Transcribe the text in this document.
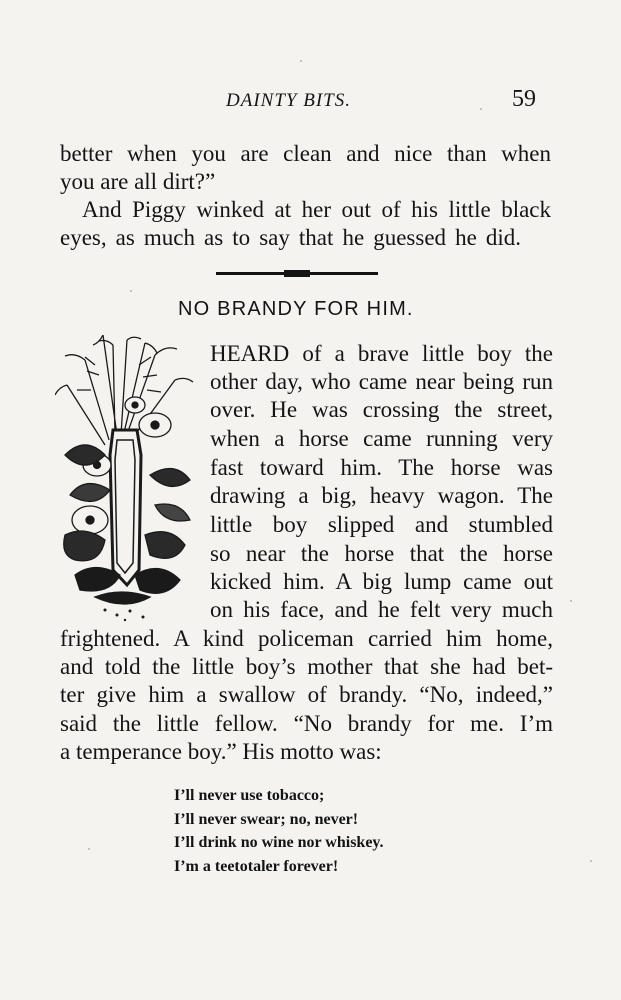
DAINTY BITS.	59
better when you are clean and nice than when
you are all dirt?”
And Piggy winked at her out of his little black
eyes, as much as to say that he guessed he did.
NO BRANDY FOR HIM.
HEARD of a brave little boy the
other day, who came near being run
over. He was crossing the street,
when a horse came running very
fast toward him. The horse was
drawing a big, heavy wagon. The
little boy slipped and stumbled
so near the horse that the horse
kicked him. A big lump came out
on his face, and he felt very much
frightened. A kind policeman carried him home,
and told the little boy’s mother that she had bet-
ter give him a swallow of brandy. “No, indeed,”
said the little fellow. “No brandy for me. I’m
a temperance boy.” His motto was:
I’ll never use tobacco;
I’ll never swear; no, never!
I’ll drink no wine nor whiskey.
I’m a teetotaler forever!
